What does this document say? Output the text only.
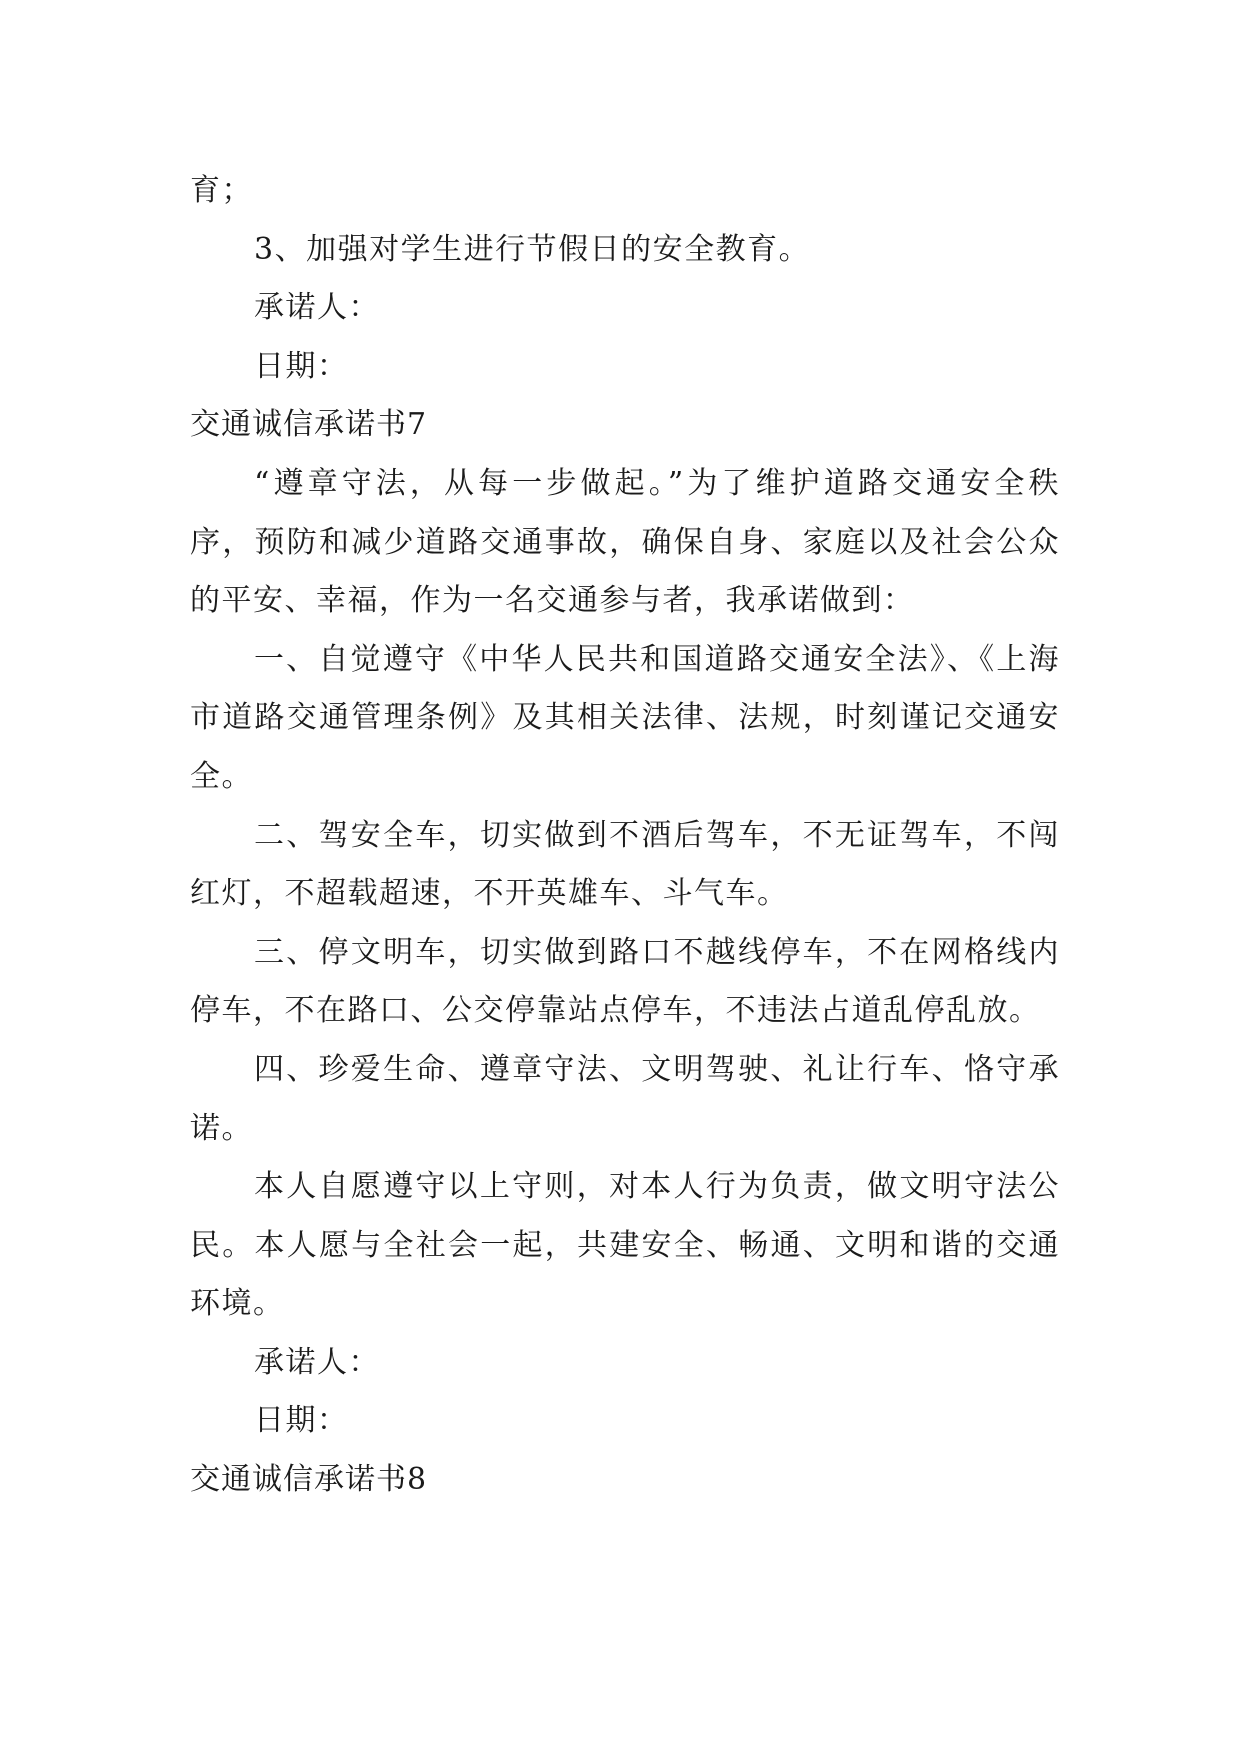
育；

3、加强对学生进行节假日的安全教育。

承诺人：

日期：

交通诚信承诺书7

“遵章守法，从每一步做起。”为了维护道路交通安全秩序，预防和减少道路交通事故，确保自身、家庭以及社会公众的平安、幸福，作为一名交通参与者，我承诺做到：

一、自觉遵守《中华人民共和国道路交通安全法》、《上海市道路交通管理条例》及其相关法律、法规，时刻谨记交通安全。

二、驾安全车，切实做到不酒后驾车，不无证驾车，不闯红灯，不超载超速，不开英雄车、斗气车。

三、停文明车，切实做到路口不越线停车，不在网格线内停车，不在路口、公交停靠站点停车，不违法占道乱停乱放。

四、珍爱生命、遵章守法、文明驾驶、礼让行车、恪守承诺。

本人自愿遵守以上守则，对本人行为负责，做文明守法公民。本人愿与全社会一起，共建安全、畅通、文明和谐的交通环境。

承诺人：

日期：

交通诚信承诺书8
